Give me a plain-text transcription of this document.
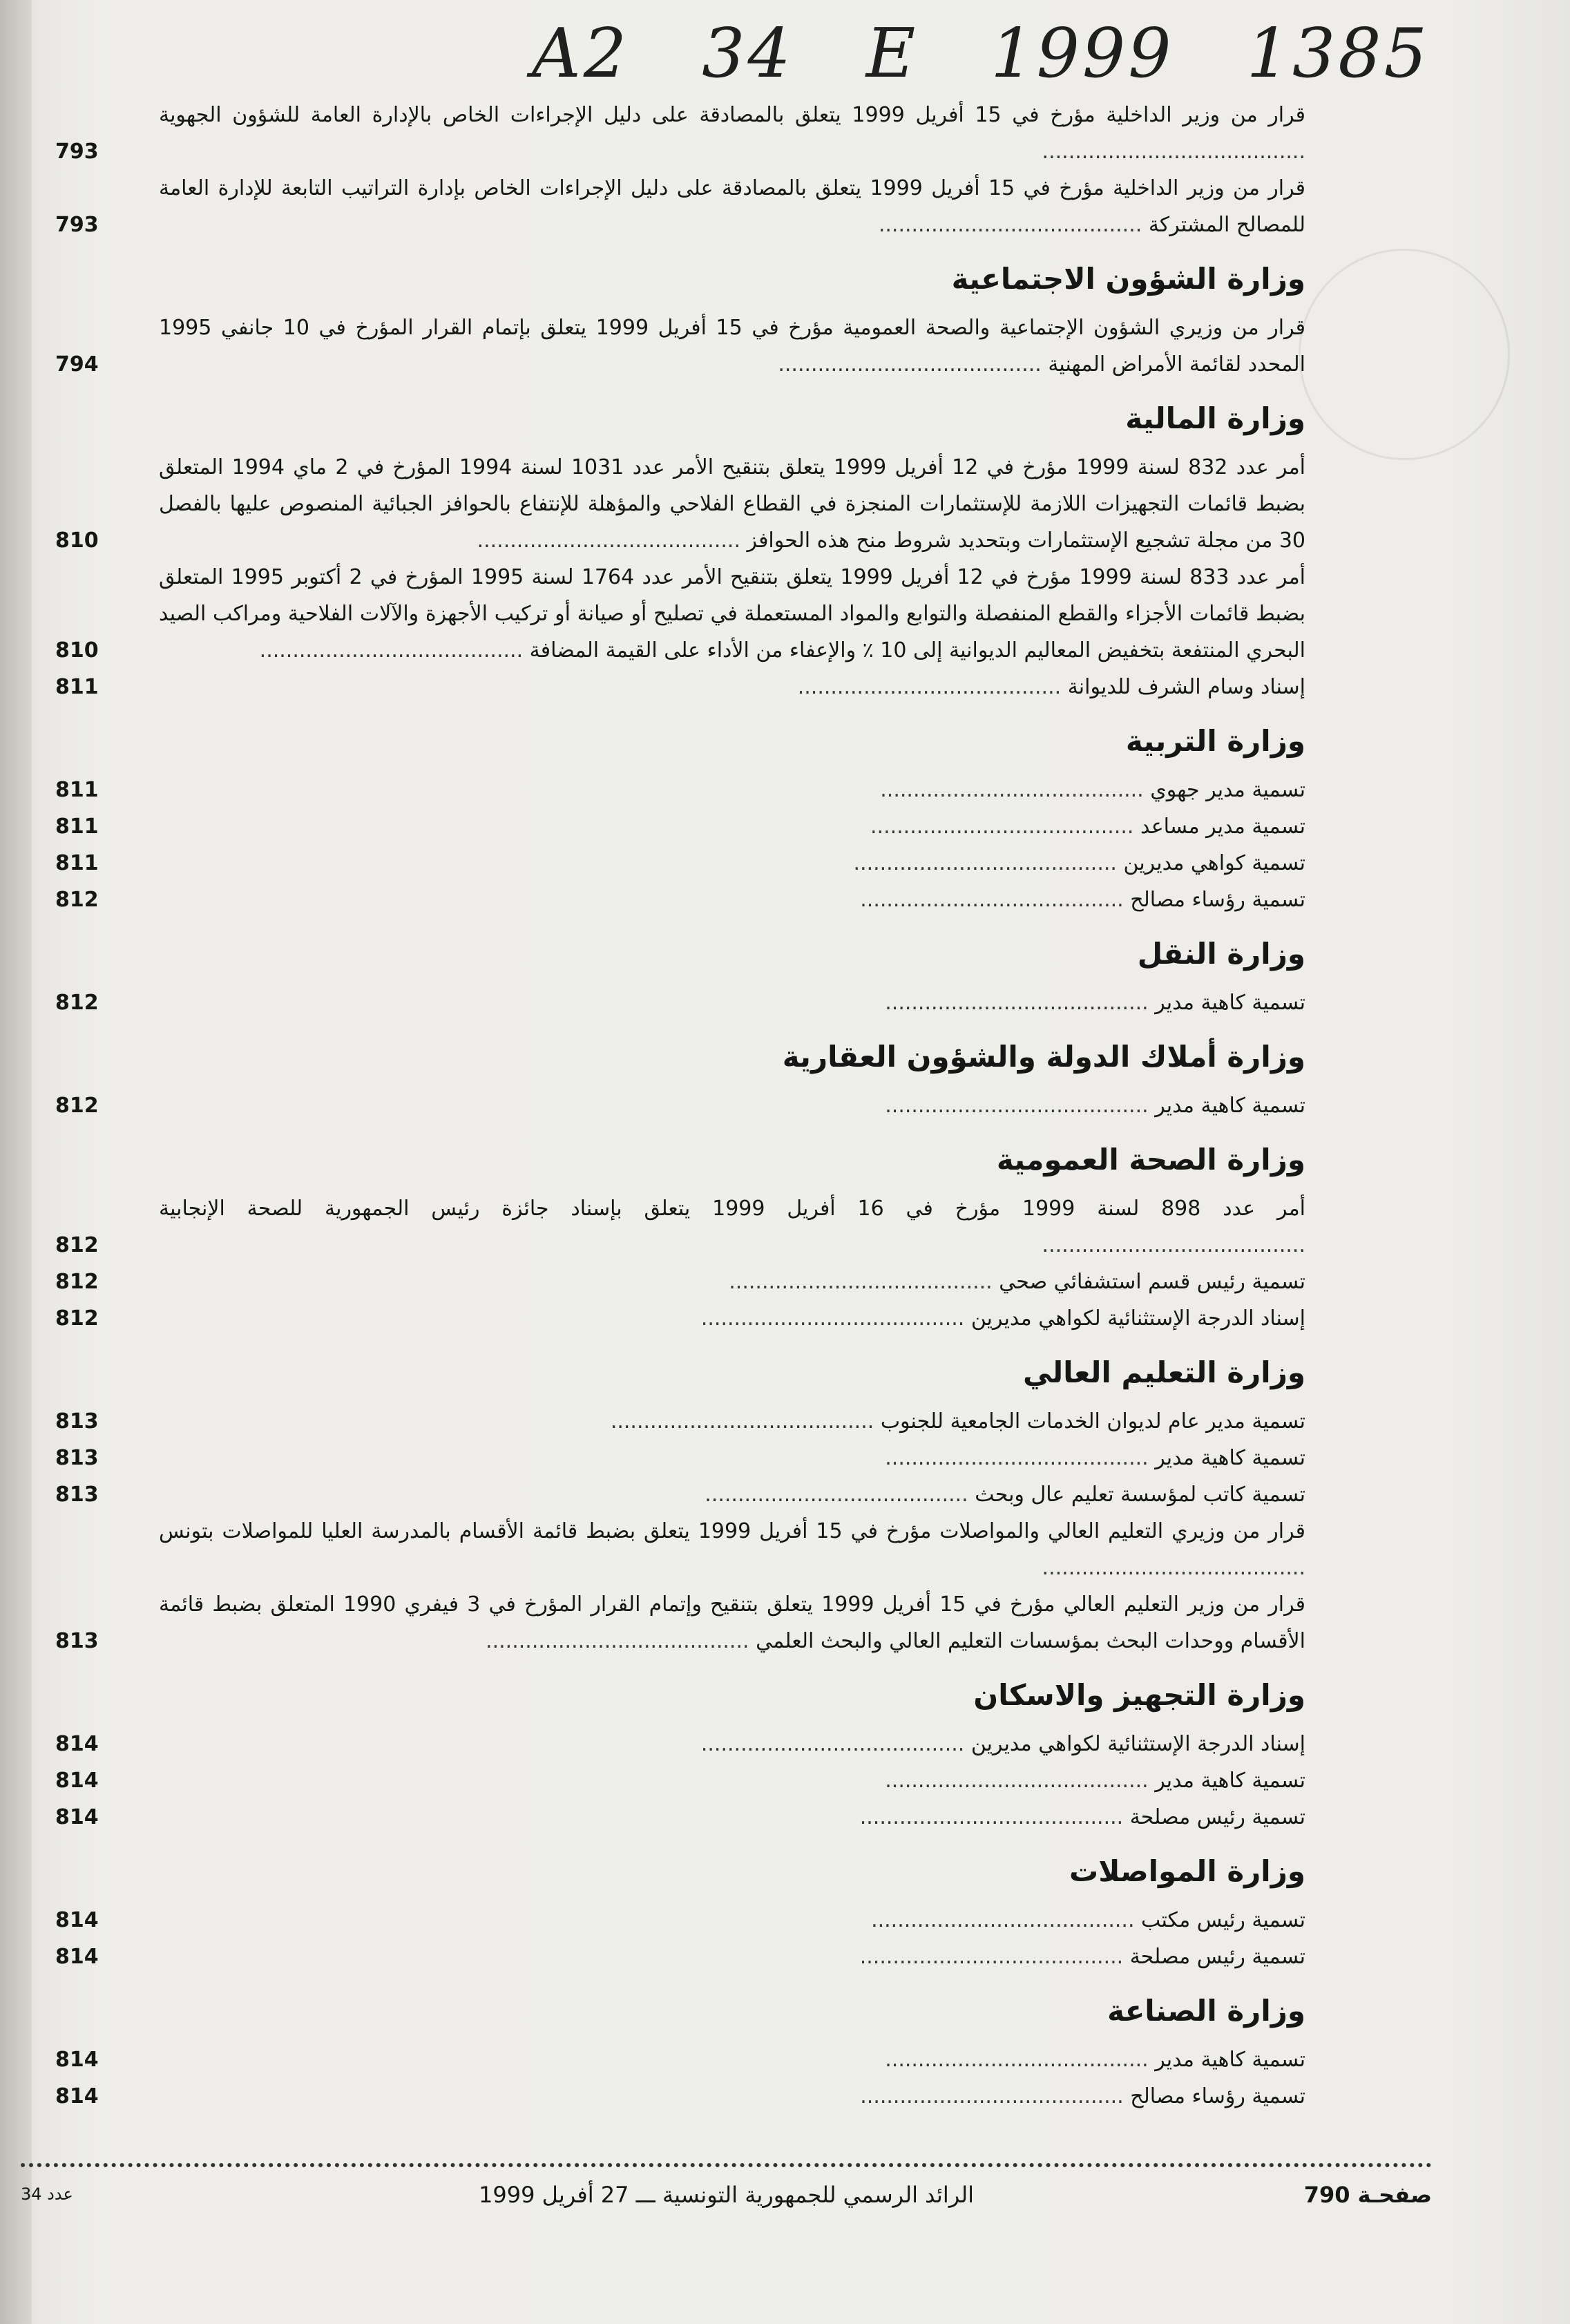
A2 34 E 1999 1385
قرار من وزير الداخلية مؤرخ في 15 أفريل 1999 يتعلق بالمصادقة على دليل الإجراءات الخاص بالإدارة العامة للشؤون الجهوية ........................................
793
قرار من وزير الداخلية مؤرخ في 15 أفريل 1999 يتعلق بالمصادقة على دليل الإجراءات الخاص بإدارة التراتيب التابعة للإدارة العامة للمصالح المشتركة ........................................
793
وزارة الشؤون الاجتماعية
قرار من وزيري الشؤون الإجتماعية والصحة العمومية مؤرخ في 15 أفريل 1999 يتعلق بإتمام القرار المؤرخ في 10 جانفي 1995 المحدد لقائمة الأمراض المهنية ........................................
794
وزارة المالية
أمر عدد 832 لسنة 1999 مؤرخ في 12 أفريل 1999 يتعلق بتنقيح الأمر عدد 1031 لسنة 1994 المؤرخ في 2 ماي 1994 المتعلق بضبط قائمات التجهيزات اللازمة للإستثمارات المنجزة في القطاع الفلاحي والمؤهلة للإنتفاع بالحوافز الجبائية المنصوص عليها بالفصل 30 من مجلة تشجيع الإستثمارات وبتحديد شروط منح هذه الحوافز ........................................
810
أمر عدد 833 لسنة 1999 مؤرخ في 12 أفريل 1999 يتعلق بتنقيح الأمر عدد 1764 لسنة 1995 المؤرخ في 2 أكتوبر 1995 المتعلق بضبط قائمات الأجزاء والقطع المنفصلة والتوابع والمواد المستعملة في تصليح أو صيانة أو تركيب الأجهزة والآلات الفلاحية ومراكب الصيد البحري المنتفعة بتخفيض المعاليم الديوانية إلى 10 ٪ والإعفاء من الأداء على القيمة المضافة ........................................
810
إسناد وسام الشرف للديوانة ........................................
811
وزارة التربية
تسمية مدير جهوي ........................................
811
تسمية مدير مساعد ........................................
811
تسمية كواهي مديرين ........................................
811
تسمية رؤساء مصالح ........................................
812
وزارة النقل
تسمية كاهية مدير ........................................
812
وزارة أملاك الدولة والشؤون العقارية
تسمية كاهية مدير ........................................
812
وزارة الصحة العمومية
أمر عدد 898 لسنة 1999 مؤرخ في 16 أفريل 1999 يتعلق بإسناد جائزة رئيس الجمهورية للصحة الإنجابية ........................................
812
تسمية رئيس قسم استشفائي صحي ........................................
812
إسناد الدرجة الإستثنائية لكواهي مديرين ........................................
812
وزارة التعليم العالي
تسمية مدير عام لديوان الخدمات الجامعية للجنوب ........................................
813
تسمية كاهية مدير ........................................
813
تسمية كاتب لمؤسسة تعليم عال وبحث ........................................
813
قرار من وزيري التعليم العالي والمواصلات مؤرخ في 15 أفريل 1999 يتعلق بضبط قائمة الأقسام بالمدرسة العليا للمواصلات بتونس ........................................
قرار من وزير التعليم العالي مؤرخ في 15 أفريل 1999 يتعلق بتنقيح وإتمام القرار المؤرخ في 3 فيفري 1990 المتعلق بضبط قائمة الأقسام ووحدات البحث بمؤسسات التعليم العالي والبحث العلمي ........................................
813
وزارة التجهيز والاسكان
إسناد الدرجة الإستثنائية لكواهي مديرين ........................................
814
تسمية كاهية مدير ........................................
814
تسمية رئيس مصلحة ........................................
814
وزارة المواصلات
تسمية رئيس مكتب ........................................
814
تسمية رئيس مصلحة ........................................
814
وزارة الصناعة
تسمية كاهية مدير ........................................
814
تسمية رؤساء مصالح ........................................
814
صفحـة 790
الرائد الرسمي للجمهورية التونسية ـــ 27 أفريل 1999
عدد 34
